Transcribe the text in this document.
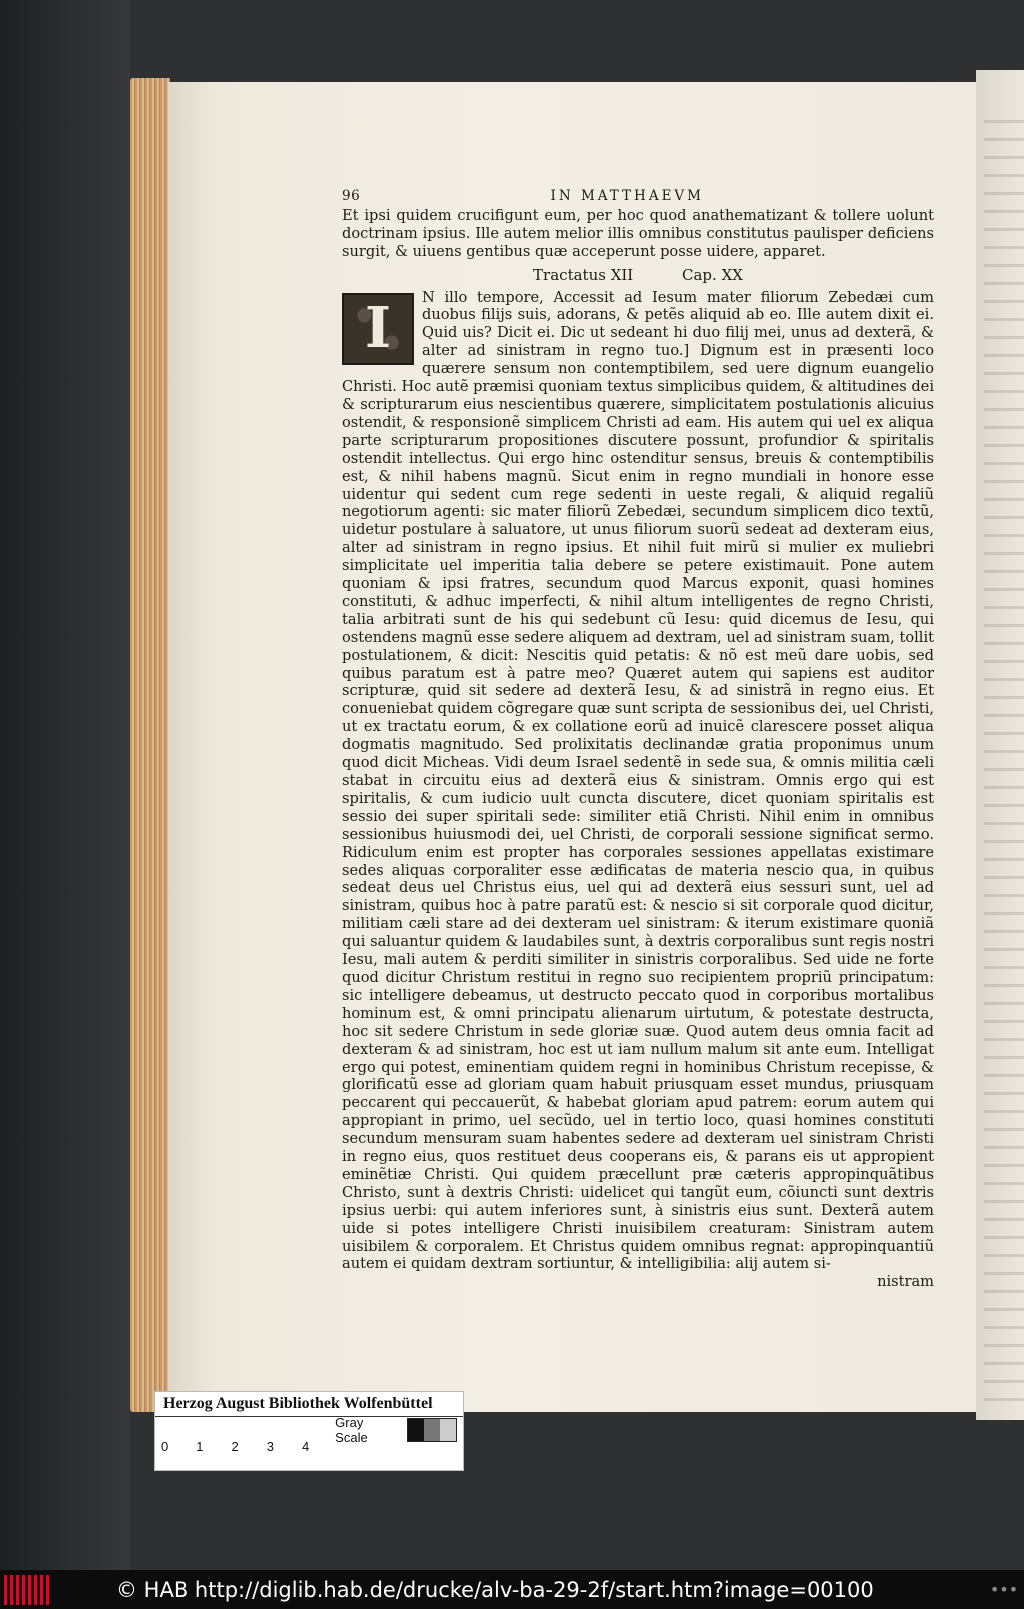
96	IN MATTHAEVM

Et ipsi quidem crucifigunt eum, per hoc quod anathematizant & tollere uolunt doctrinam ipsius. Ille autem melior illis omnibus constitutus paulisper deficiens surgit, & uiuens gentibus quæ acceperunt posse uidere, apparet.

Tractatus XII	Cap. XX
I	N illo tempore, Accessit ad Iesum mater filiorum Zebedæi cum duobus filijs suis, adorans, & petẽs aliquid ab eo. Ille autem dixit ei. Quid uis? Dicit ei. Dic ut sedeant hi duo filij mei, unus ad dexterã, & alter ad sinistram in regno tuo.] Dignum est in præsenti loco quærere sensum non contemptibilem, sed uere dignum euangelio Christi. Hoc autẽ præmisi quoniam textus simplicibus quidem, & altitudines dei & scripturarum eius nescientibus quærere, simplicitatem postulationis alicuius ostendit, & responsionẽ simplicem Christi ad eam. His autem qui uel ex aliqua parte scripturarum propositiones discutere possunt, profundior & spiritalis ostendit intellectus. Qui ergo hinc ostenditur sensus, breuis & contemptibilis est, & nihil habens magnũ. Sicut enim in regno mundiali in honore esse uidentur qui sedent cum rege sedenti in ueste regali, & aliquid regaliũ negotiorum agenti: sic mater filiorũ Zebedæi, secundum simplicem dico textũ, uidetur postulare à saluatore, ut unus filiorum suorũ sedeat ad dexteram eius, alter ad sinistram in regno ipsius. Et nihil fuit mirũ si mulier ex muliebri simplicitate uel imperitia talia debere se petere existimauit. Pone autem quoniam & ipsi fratres, secundum quod Marcus exponit, quasi homines constituti, & adhuc imperfecti, & nihil altum intelligentes de regno Christi, talia arbitrati sunt de his qui sedebunt cũ Iesu: quid dicemus de Iesu, qui ostendens magnũ esse sedere aliquem ad dextram, uel ad sinistram suam, tollit postulationem, & dicit: Nescitis quid petatis: & nõ est meũ dare uobis, sed quibus paratum est à patre meo? Quæret autem qui sapiens est auditor scripturæ, quid sit sedere ad dexterã Iesu, & ad sinistrã in regno eius. Et conueniebat quidem cõgregare quæ sunt scripta de sessionibus dei, uel Christi, ut ex tractatu eorum, & ex collatione eorũ ad inuicẽ clarescere posset aliqua dogmatis magnitudo. Sed prolixitatis declinandæ gratia proponimus unum quod dicit Micheas. Vidi deum Israel sedentẽ in sede sua, & omnis militia cæli stabat in circuitu eius ad dexterã eius & sinistram. Omnis ergo qui est spiritalis, & cum iudicio uult cuncta discutere, dicet quoniam spiritalis est sessio dei super spiritali sede: similiter etiã Christi. Nihil enim in omnibus sessionibus huiusmodi dei, uel Christi, de corporali sessione significat sermo. Ridiculum enim est propter has corporales sessiones appellatas existimare sedes aliquas corporaliter esse ædificatas de materia nescio qua, in quibus sedeat deus uel Christus eius, uel qui ad dexterã eius sessuri sunt, uel ad sinistram, quibus hoc à patre paratũ est: & nescio si sit corporale quod dicitur, militiam cæli stare ad dei dexteram uel sinistram: & iterum existimare quoniã qui saluantur quidem & laudabiles sunt, à dextris corporalibus sunt regis nostri Iesu, mali autem & perditi similiter in sinistris corporalibus. Sed uide ne forte quod dicitur Christum restitui in regno suo recipientem propriũ principatum: sic intelligere debeamus, ut destructo peccato quod in corporibus mortalibus hominum est, & omni principatu alienarum uirtutum, & potestate destructa, hoc sit sedere Christum in sede gloriæ suæ. Quod autem deus omnia facit ad dexteram & ad sinistram, hoc est ut iam nullum malum sit ante eum. Intelligat ergo qui potest, eminentiam quidem regni in hominibus Christum recepisse, & glorificatũ esse ad gloriam quam habuit priusquam esset mundus, priusquam peccarent qui peccauerũt, & habebat gloriam apud patrem: eorum autem qui appropiant in primo, uel secũdo, uel in tertio loco, quasi homines constituti secundum mensuram suam habentes sedere ad dexteram uel sinistram Christi in regno eius, quos restituet deus cooperans eis, & parans eis ut appropient eminẽtiæ Christi. Qui quidem præcellunt præ cæteris appropinquãtibus Christo, sunt à dextris Christi: uidelicet qui tangũt eum, cõiuncti sunt dextris ipsius uerbi: qui autem inferiores sunt, à sinistris eius sunt. Dexterã autem uide si potes intelligere Christi inuisibilem creaturam: Sinistram autem uisibilem & corporalem. Et Christus quidem omnibus regnat: appropinquantiũ autem ei quidam dextram sortiuntur, & intelligibilia: alij autem si-

nistram

Herzog August Bibliothek Wolfenbüttel
0 1 2 3 4
Gray Scale
© HAB http://diglib.hab.de/drucke/alv-ba-29-2f/start.htm?image=00100	•••
